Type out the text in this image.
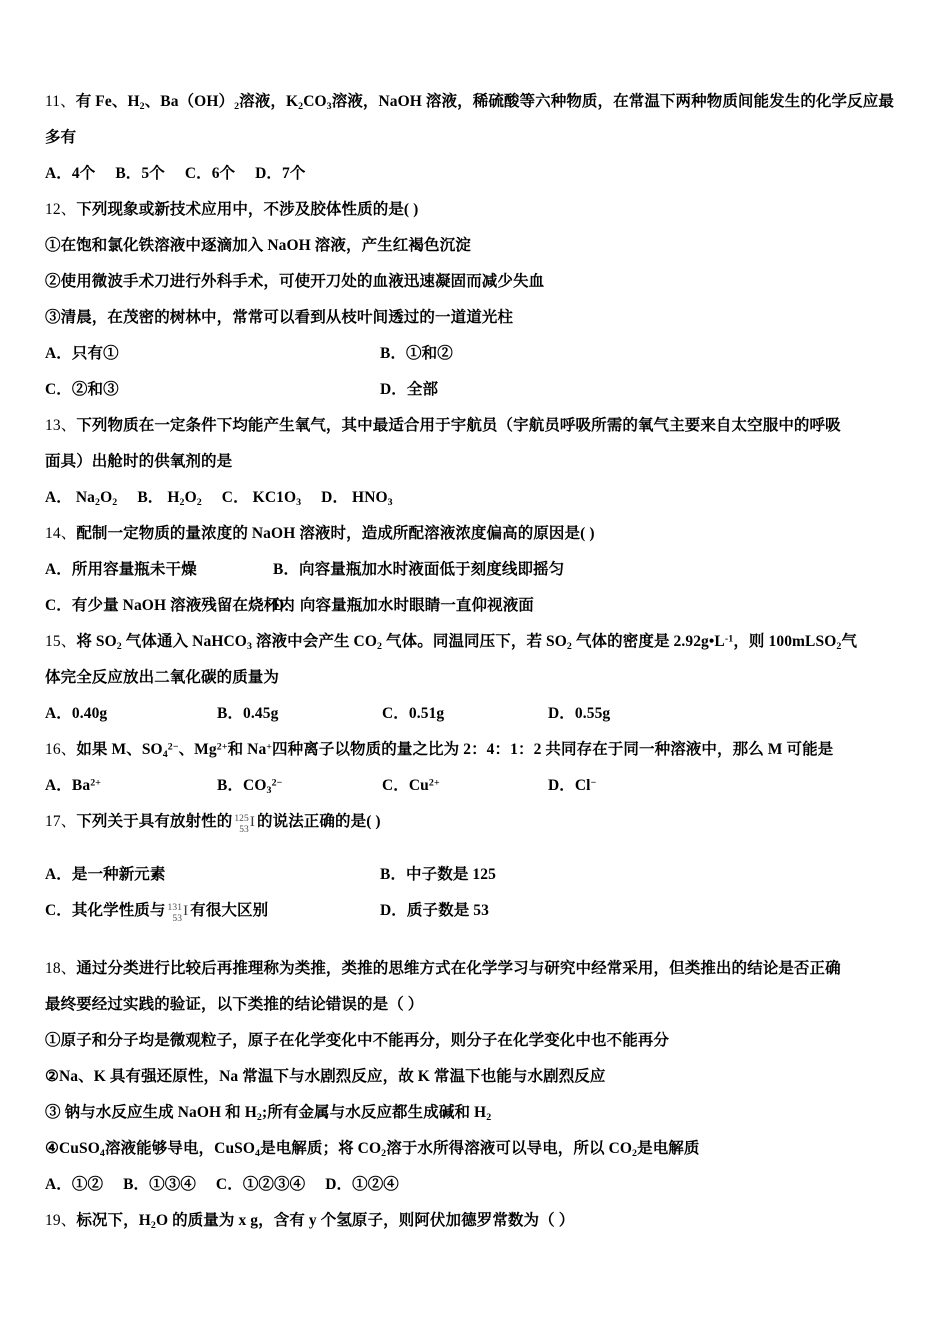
11、有 Fe、$H_2$、$Ba(OH)_2$溶液，$K_2CO_3$溶液，NaOH 溶液，稀硫酸等六种物质，在常温下两种物质间能发生的化学反应最
多有
A．4个 B．5个 C．6个 D．7个
12、下列现象或新技术应用中，不涉及胶体性质的是( )
①在饱和氯化铁溶液中逐滴加入 NaOH 溶液，产生红褐色沉淀
②使用微波手术刀进行外科手术，可使开刀处的血液迅速凝固而减少失血
③清晨，在茂密的树林中，常常可以看到从枝叶间透过的一道道光柱
A．只有①	B．①和②
C．②和③	D．全部
13、下列物质在一定条件下均能产生氧气，其中最适合用于宇航员（宇航员呼吸所需的氧气主要来自太空服中的呼吸
面具）出舱时的供氧剂的是
A． $Na_2O_2$ B． $H_2O_2$ C． $KC1O_3$ D． $HNO_3$
14、配制一定物质的量浓度的 NaOH 溶液时，造成所配溶液浓度偏高的原因是( )
A．所用容量瓶未干燥	B．向容量瓶加水时液面低于刻度线即摇匀
C．有少量 NaOH 溶液残留在烧杯内
D．向容量瓶加水时眼睛一直仰视液面
15、将 $SO_2$ 气体通入 NaHCO$_3$ 溶液中会产生 $CO_2$ 气体。同温同压下，若 $SO_2$ 气体的密度是 $2.92g•L^{-1}$，则 100mLSO$_2$气
体完全反应放出二氧化碳的质量为
A．0.40g	B．0.45g	C．0.51g	D．0.55g
16、如果 M、$SO_4^{2-}$、$Mg^{2+}$和 Na+四种离子以物质的量之比为 2：4：1：2 共同存在于同一种溶液中，那么 M 可能是
A．$Ba^{2+}$	B．$CO_3^{2-}$	C．$Cu^{2+}$	D．Cl−
17、下列关于具有放射性的 125
53 I 的说法正确的是( )
A．是一种新元素	B．中子数是 125
C．其化学性质与 131
53 I 有很大区别	D．质子数是 53
18、通过分类进行比较后再推理称为类推，类推的思维方式在化学学习与研究中经常采用，但类推出的结论是否正确
最终要经过实践的验证，以下类推的结论错误的是（ ）
①原子和分子均是微观粒子，原子在化学变化中不能再分，则分子在化学变化中也不能再分
②Na、K 具有强还原性，Na 常温下与水剧烈反应，故 K 常温下也能与水剧烈反应
③ 钠与水反应生成 NaOH 和 $H_2$;所有金属与水反应都生成碱和 $H_2$
④CuSO$_4$溶液能够导电，CuSO$_4$是电解质；将 $CO_2$溶于水所得溶液可以导电，所以 $CO_2$是电解质
A．①② B．①③④ C．①②③④ D．①②④
19、标况下，$H_2O$ 的质量为 x g，含有 y 个氢原子，则阿伏加德罗常数为（ ）
